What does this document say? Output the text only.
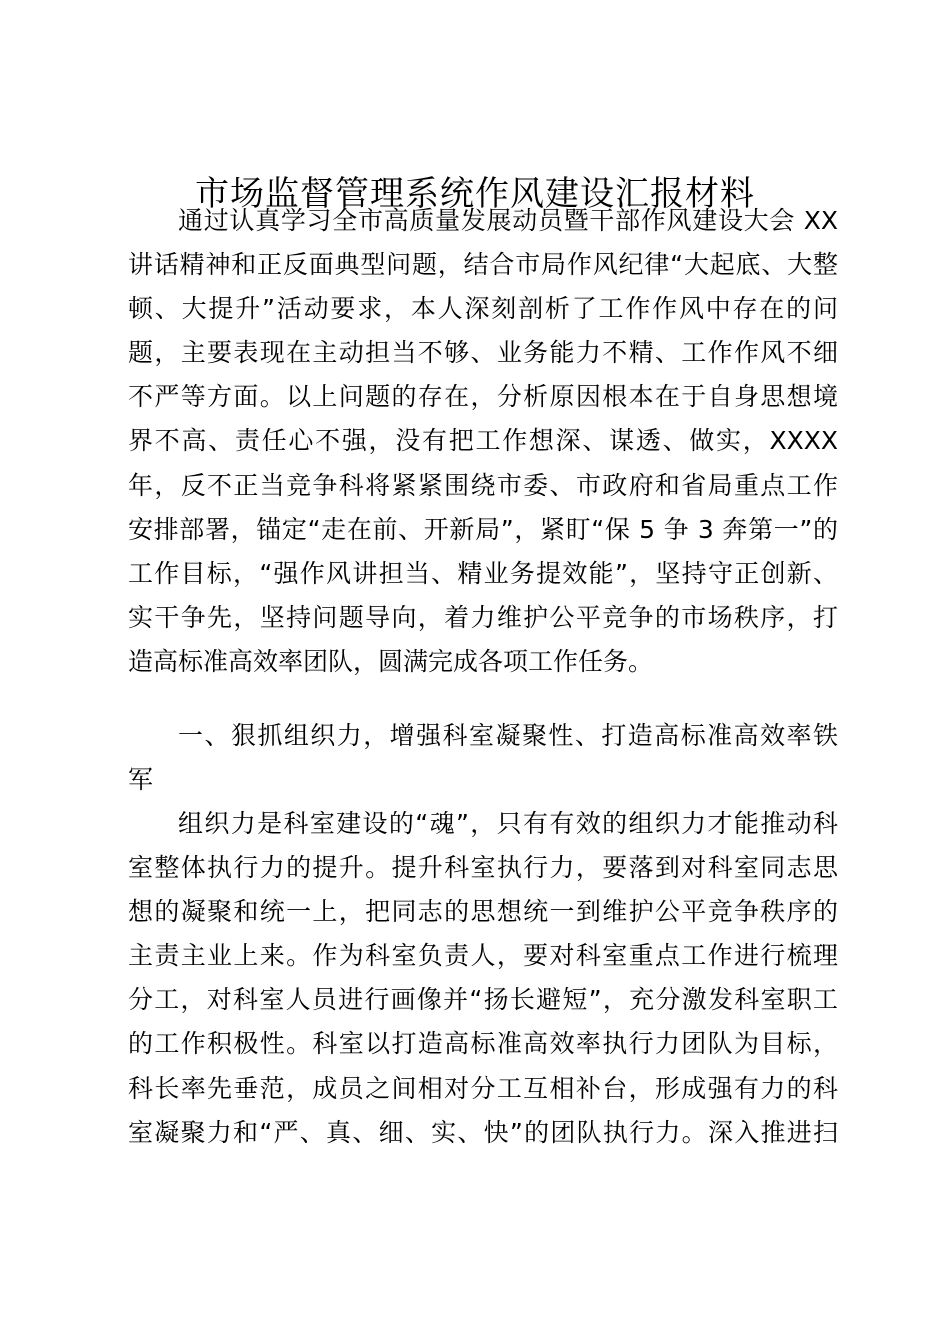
市场监督管理系统作风建设汇报材料
通过认真学习全市高质量发展动员暨干部作风建设大会 XX
讲话精神和正反面典型问题，结合市局作风纪律“大起底、大整
顿、大提升”活动要求，本人深刻剖析了工作作风中存在的问
题，主要表现在主动担当不够、业务能力不精、工作作风不细
不严等方面。以上问题的存在，分析原因根本在于自身思想境
界不高、责任心不强，没有把工作想深、谋透、做实，XXXX
年，反不正当竞争科将紧紧围绕市委、市政府和省局重点工作
安排部署，锚定“走在前、开新局”，紧盯“保 5 争 3 奔第一”的
工作目标，“强作风讲担当、精业务提效能”，坚持守正创新、
实干争先，坚持问题导向，着力维护公平竞争的市场秩序，打
造高标准高效率团队，圆满完成各项工作任务。
一、狠抓组织力，增强科室凝聚性、打造高标准高效率铁
军
组织力是科室建设的“魂”，只有有效的组织力才能推动科
室整体执行力的提升。提升科室执行力，要落到对科室同志思
想的凝聚和统一上，把同志的思想统一到维护公平竞争秩序的
主责主业上来。作为科室负责人，要对科室重点工作进行梳理
分工，对科室人员进行画像并“扬长避短”，充分激发科室职工
的工作积极性。科室以打造高标准高效率执行力团队为目标，
科长率先垂范，成员之间相对分工互相补台，形成强有力的科
室凝聚力和“严、真、细、实、快”的团队执行力。深入推进扫
